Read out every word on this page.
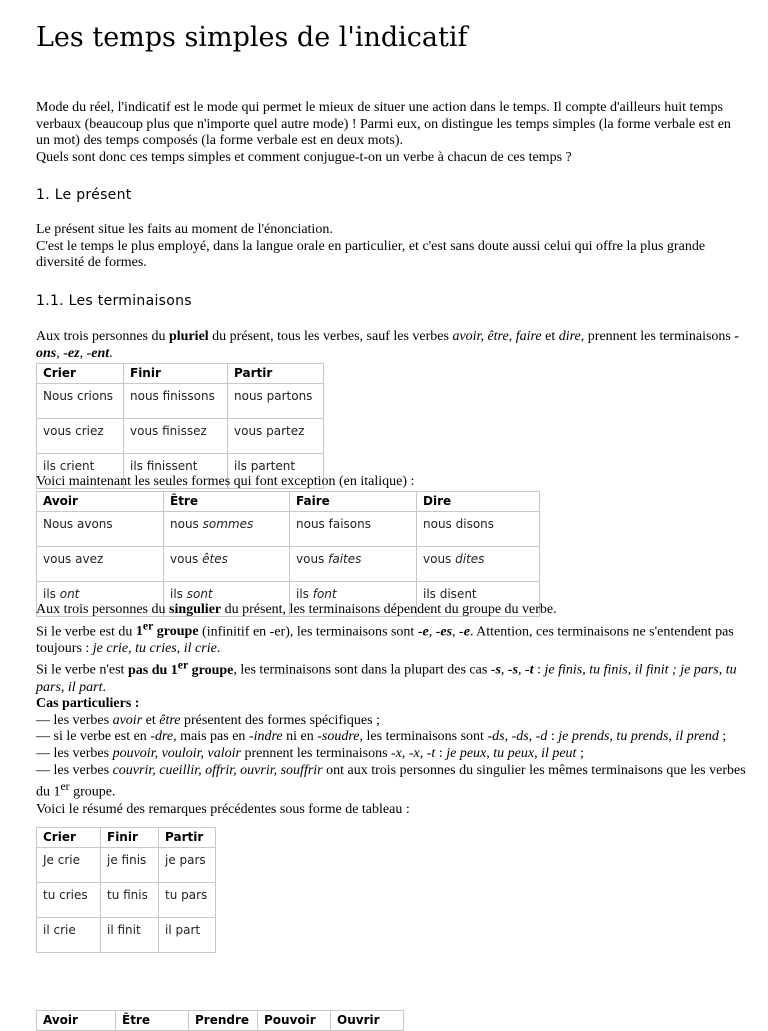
Les temps simples de l'indicatif
Mode du réel, l'indicatif est le mode qui permet le mieux de situer une action dans le temps. Il compte d'ailleurs huit temps verbaux (beaucoup plus que n'importe quel autre mode) ! Parmi eux, on distingue les temps simples (la forme verbale est en un mot) des temps composés (la forme verbale est en deux mots).
Quels sont donc ces temps simples et comment conjugue-t-on un verbe à chacun de ces temps ?
1. Le présent
Le présent situe les faits au moment de l'énonciation.
C'est le temps le plus employé, dans la langue orale en particulier, et c'est sans doute aussi celui qui offre la plus grande diversité de formes.
1.1. Les terminaisons
Aux trois personnes du pluriel du présent, tous les verbes, sauf les verbes avoir, être, faire et dire, prennent les terminaisons -ons, -ez, -ent.
Crier	Finir	Partir
Nous crions	nous finissons	nous partons
vous criez	vous finissez	vous partez
ils crient	ils finissent	ils partent
Voici maintenant les seules formes qui font exception (en italique) :
Avoir	Être	Faire	Dire
Nous avons	nous sommes	nous faisons	nous disons
vous avez	vous êtes	vous faites	vous dites
ils ont	ils sont	ils font	ils disent
Aux trois personnes du singulier du présent, les terminaisons dépendent du groupe du verbe.
Si le verbe est du 1er groupe (infinitif en -er), les terminaisons sont -e, -es, -e. Attention, ces terminaisons ne s'entendent pas toujours : je crie, tu cries, il crie.
Si le verbe n'est pas du 1er groupe, les terminaisons sont dans la plupart des cas -s, -s, -t : je finis, tu finis, il finit ; je pars, tu pars, il part.
Cas particuliers :
— les verbes avoir et être présentent des formes spécifiques ;
— si le verbe est en -dre, mais pas en -indre ni en -soudre, les terminaisons sont -ds, -ds, -d : je prends, tu prends, il prend ;
— les verbes pouvoir, vouloir, valoir prennent les terminaisons -x, -x, -t : je peux, tu peux, il peut ;
— les verbes couvrir, cueillir, offrir, ouvrir, souffrir ont aux trois personnes du singulier les mêmes terminaisons que les verbes du 1er groupe.
Voici le résumé des remarques précédentes sous forme de tableau :
Crier	Finir	Partir
Je crie	je finis	je pars
tu cries	tu finis	tu pars
il crie	il finit	il part
Avoir	Être	Prendre	Pouvoir	Ouvrir
